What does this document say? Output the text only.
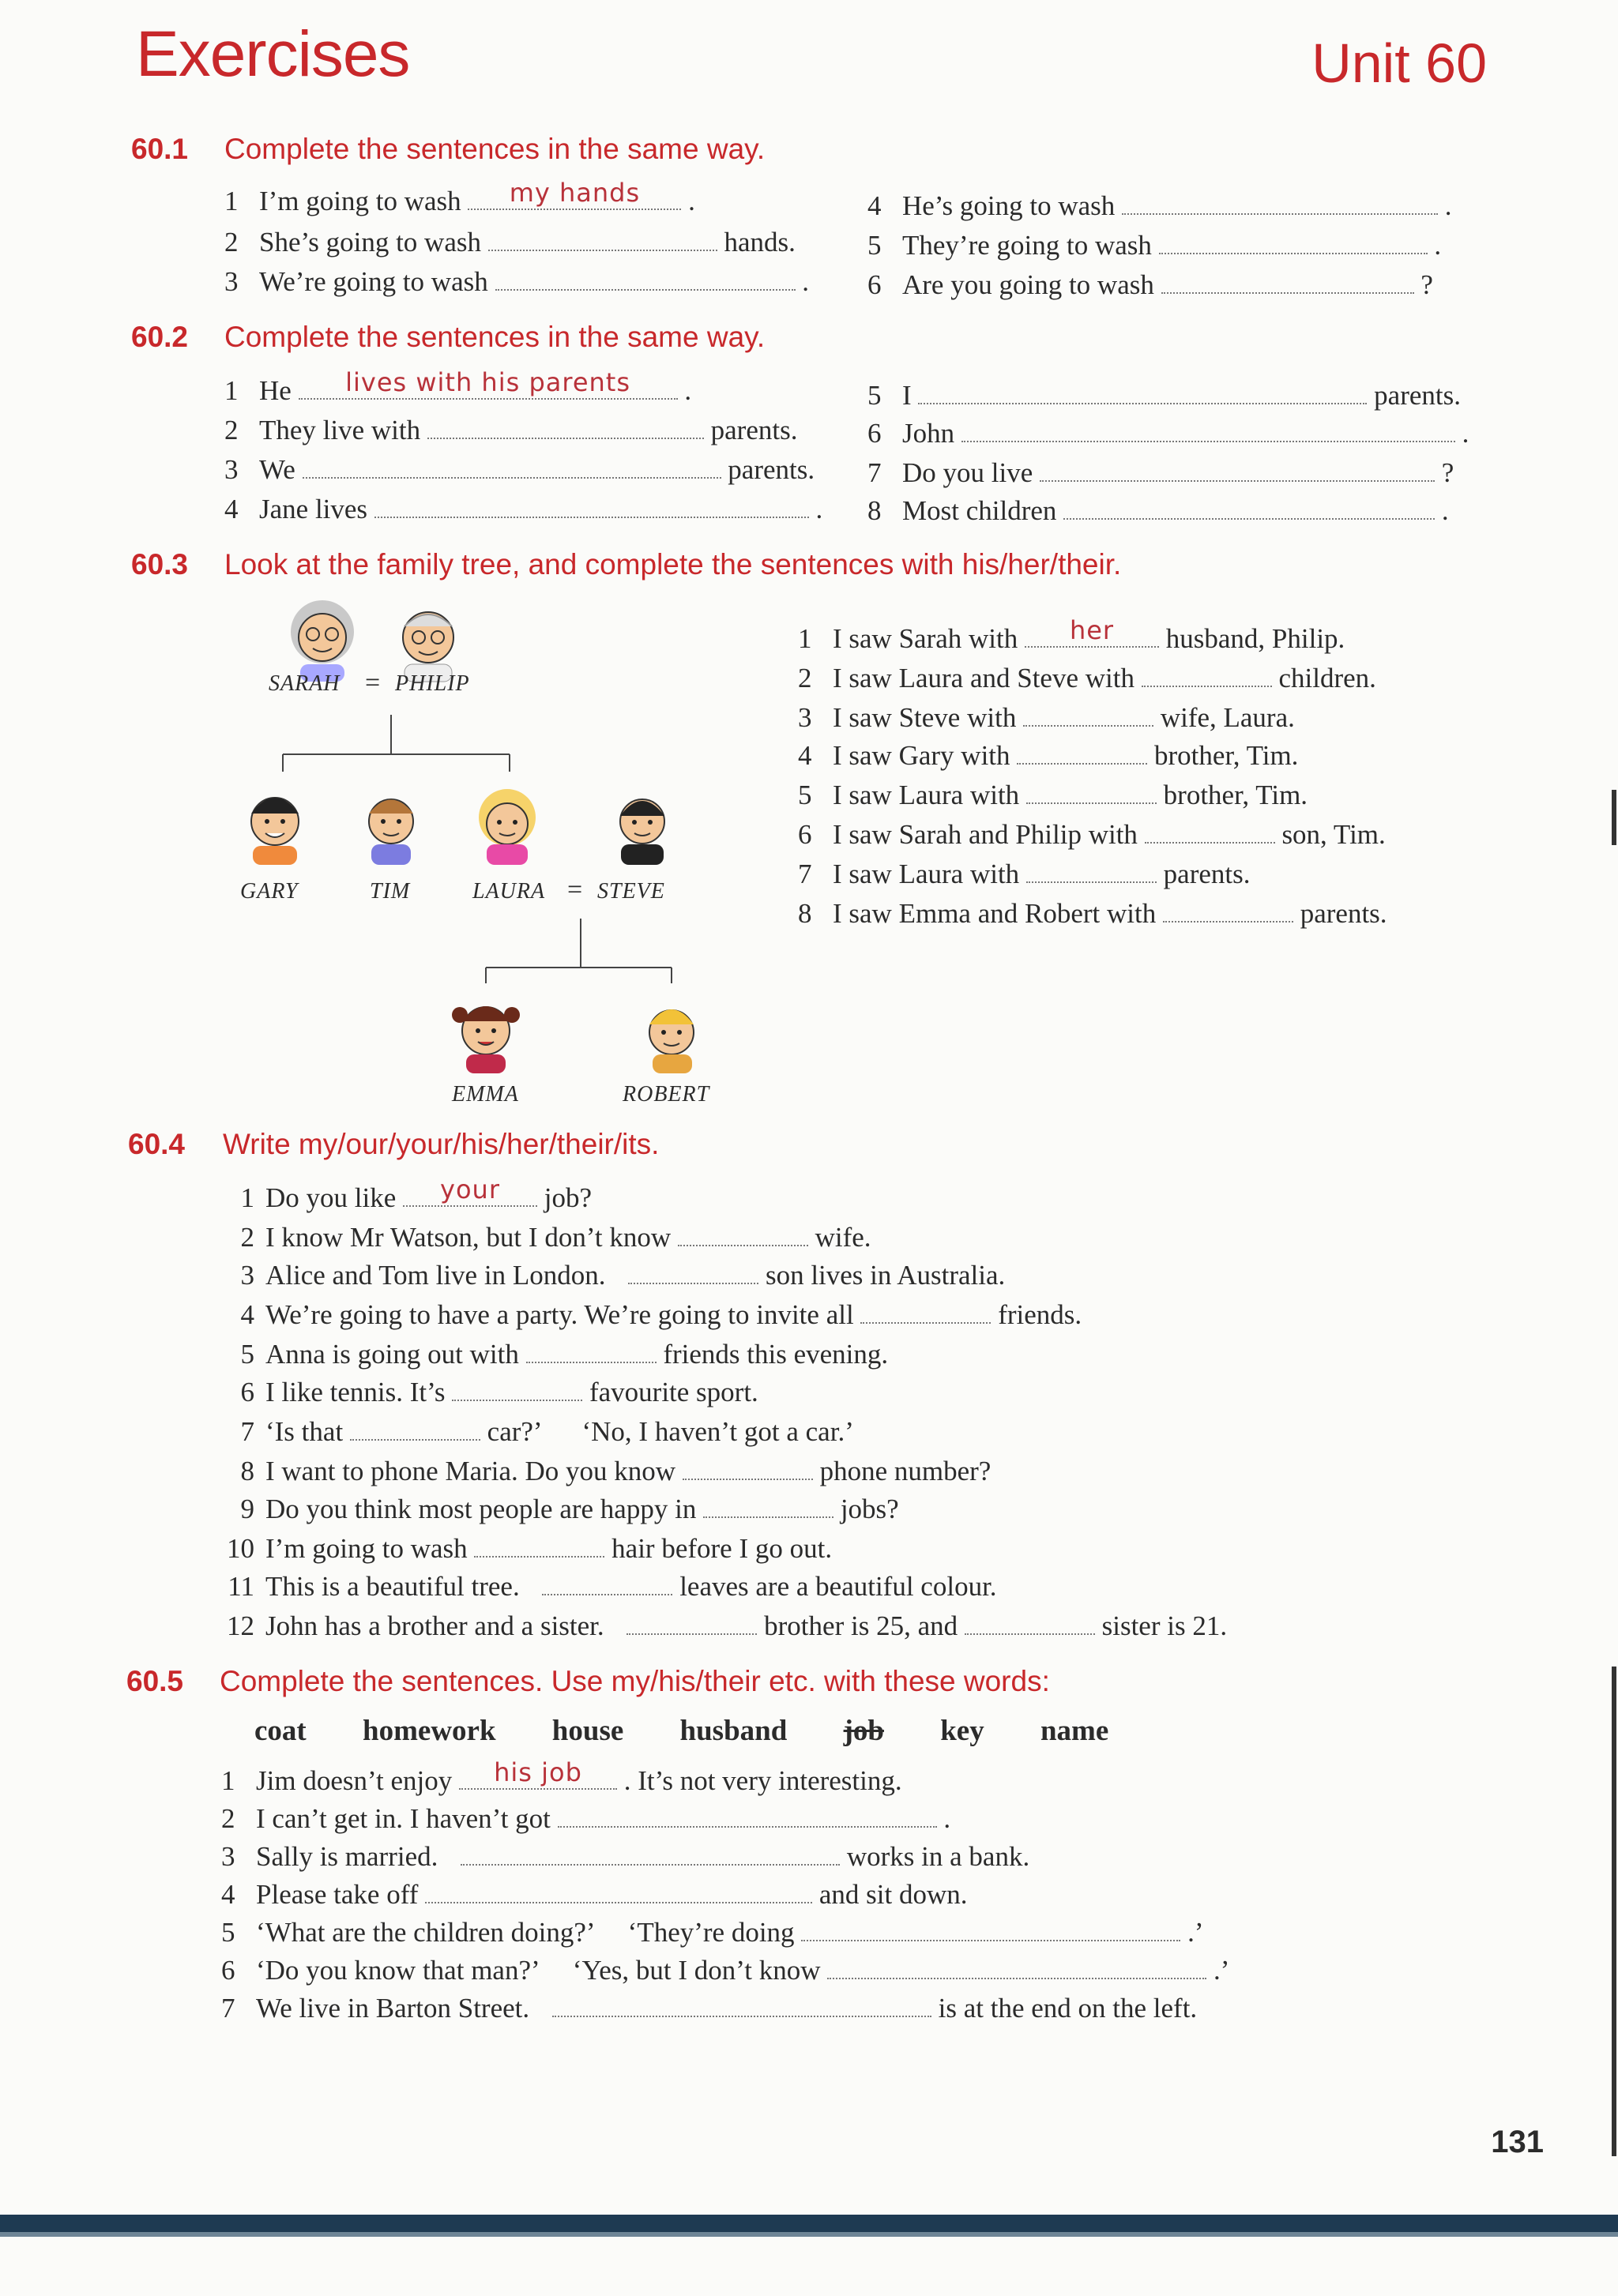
Exercises	Unit 60
60.1 Complete the sentences in the same way.
1 I’m going to wash	my hands	.
2 She’s going to wash	hands.
3 We’re going to wash	.
4 He’s going to wash	.
5 They’re going to wash	.
6 Are you going to wash	?
60.2 Complete the sentences in the same way.
1 He	lives with his parents	.
2 They live with	parents.
3 We	parents.
4 Jane lives	.
5 I	parents.
6 John	.
7 Do you live	?
8 Most children	.
60.3 Look at the family tree, and complete the sentences with his/her/their.
SARAH = PHILIP
GARY	TIM	LAURA = STEVE
EMMA	ROBERT
1 I saw Sarah with	her	husband, Philip.
2 I saw Laura and Steve with	children.
3 I saw Steve with	wife, Laura.
4 I saw Gary with	brother, Tim.
5 I saw Laura with	brother, Tim.
6 I saw Sarah and Philip with	son, Tim.
7 I saw Laura with	parents.
8 I saw Emma and Robert with	parents.
60.4 Write my/our/your/his/her/their/its.
1 Do you like	your	job?
2 I know Mr Watson, but I don’t know	wife.
3 Alice and Tom live in London.	son lives in Australia.
4 We’re going to have a party. We’re going to invite all	friends.
5 Anna is going out with	friends this evening.
6 I like tennis. It’s	favourite sport.
7 ‘Is that	car?’      ‘No, I haven’t got a car.’
8 I want to phone Maria. Do you know	phone number?
9 Do you think most people are happy in	jobs?
10 I’m going to wash	hair before I go out.
11 This is a beautiful tree.	leaves are a beautiful colour.
12 John has a brother and a sister.	brother is 25, and	sister is 21.
60.5 Complete the sentences. Use my/his/their etc. with these words:
coat homework house husband job key name
1 Jim doesn’t enjoy	his job	. It’s not very interesting.
2 I can’t get in. I haven’t got	.
3 Sally is married.	works in a bank.
4 Please take off	and sit down.
5 ‘What are the children doing?’     ‘They’re doing	.’
6 ‘Do you know that man?’     ‘Yes, but I don’t know	.’
7 We live in Barton Street.	is at the end on the left.
131
